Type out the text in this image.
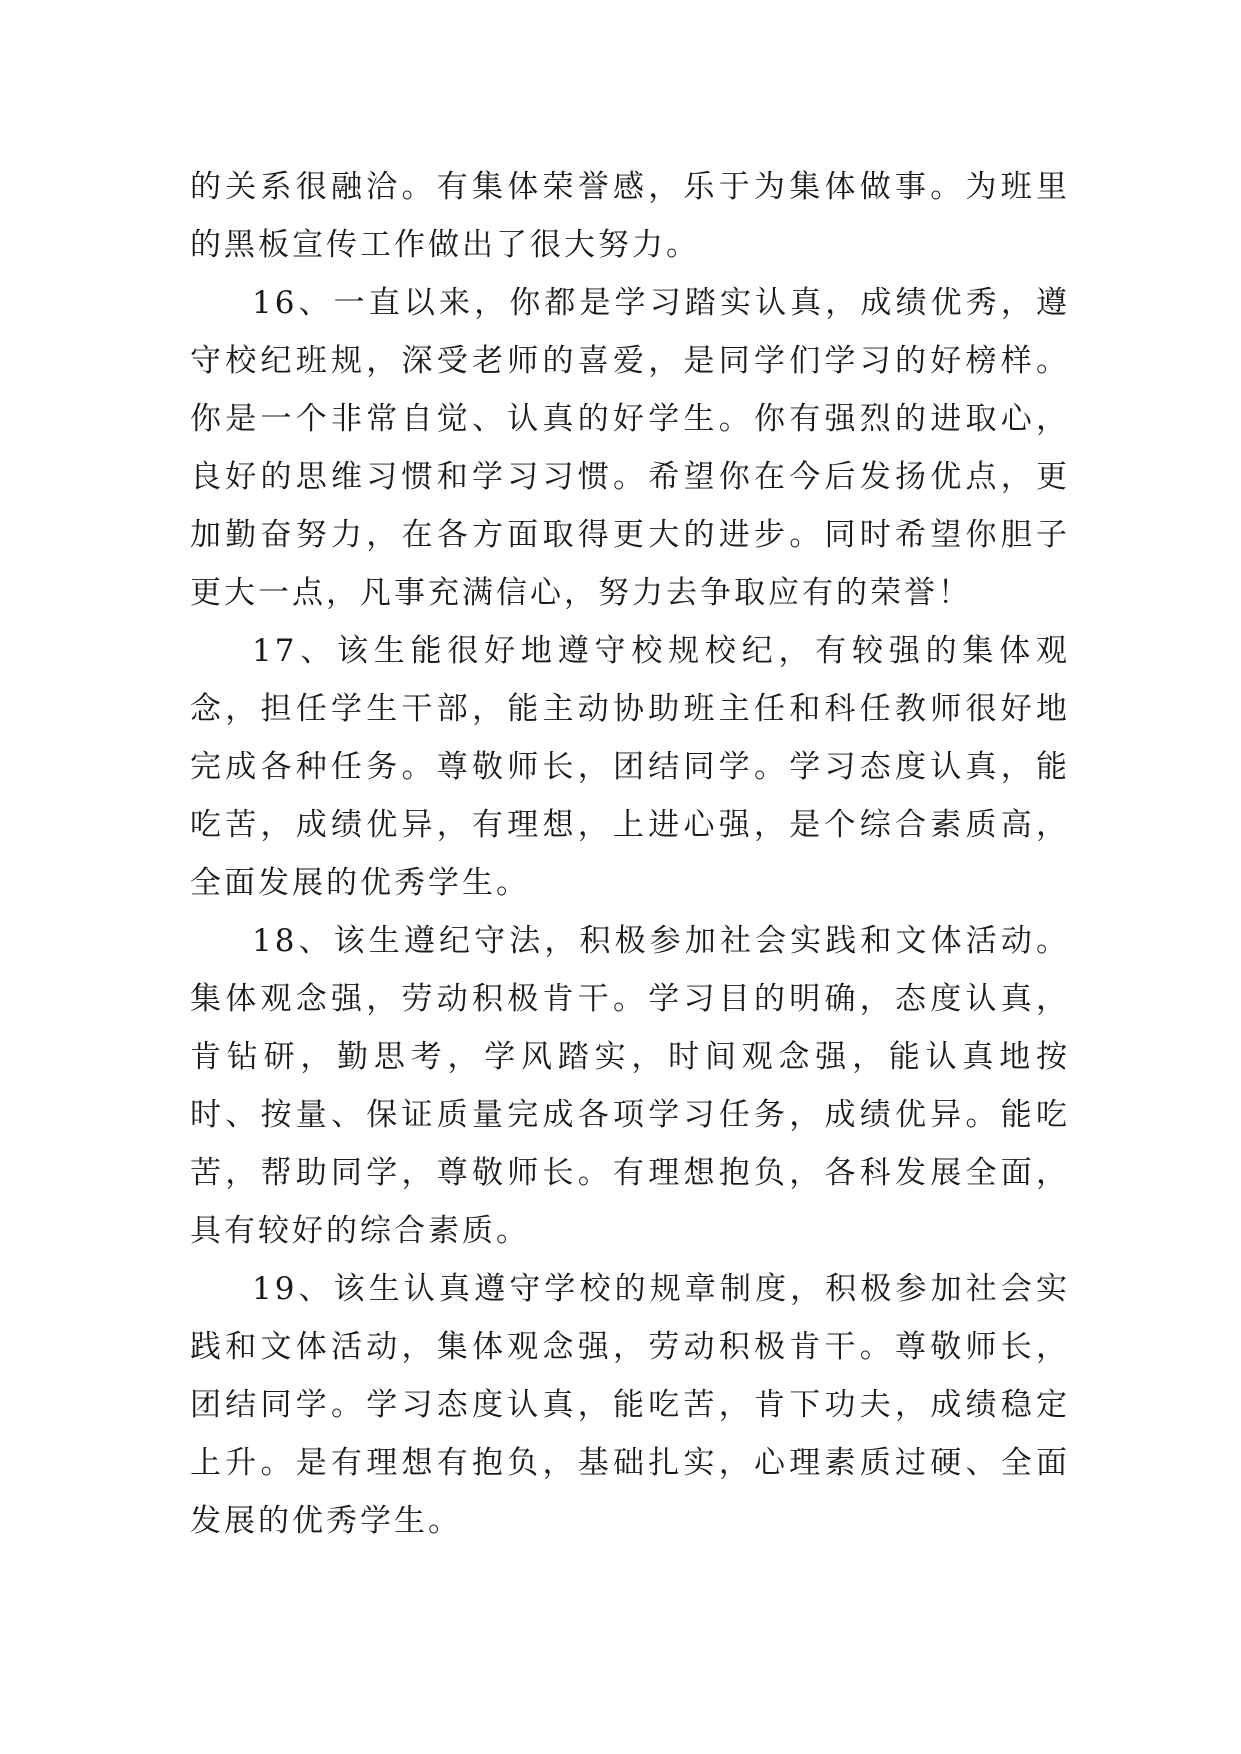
的关系很融洽。有集体荣誉感，乐于为集体做事。为班里的黑板宣传工作做出了很大努力。

16、一直以来，你都是学习踏实认真，成绩优秀，遵守校纪班规，深受老师的喜爱，是同学们学习的好榜样。你是一个非常自觉、认真的好学生。你有强烈的进取心，良好的思维习惯和学习习惯。希望你在今后发扬优点，更加勤奋努力，在各方面取得更大的进步。同时希望你胆子更大一点，凡事充满信心，努力去争取应有的荣誉！

17、该生能很好地遵守校规校纪，有较强的集体观念，担任学生干部，能主动协助班主任和科任教师很好地完成各种任务。尊敬师长，团结同学。学习态度认真，能吃苦，成绩优异，有理想，上进心强，是个综合素质高，全面发展的优秀学生。

18、该生遵纪守法，积极参加社会实践和文体活动。集体观念强，劳动积极肯干。学习目的明确，态度认真，肯钻研，勤思考，学风踏实，时间观念强，能认真地按时、按量、保证质量完成各项学习任务，成绩优异。能吃苦，帮助同学，尊敬师长。有理想抱负，各科发展全面，具有较好的综合素质。

19、该生认真遵守学校的规章制度，积极参加社会实践和文体活动，集体观念强，劳动积极肯干。尊敬师长，团结同学。学习态度认真，能吃苦，肯下功夫，成绩稳定上升。是有理想有抱负，基础扎实，心理素质过硬、全面发展的优秀学生。
